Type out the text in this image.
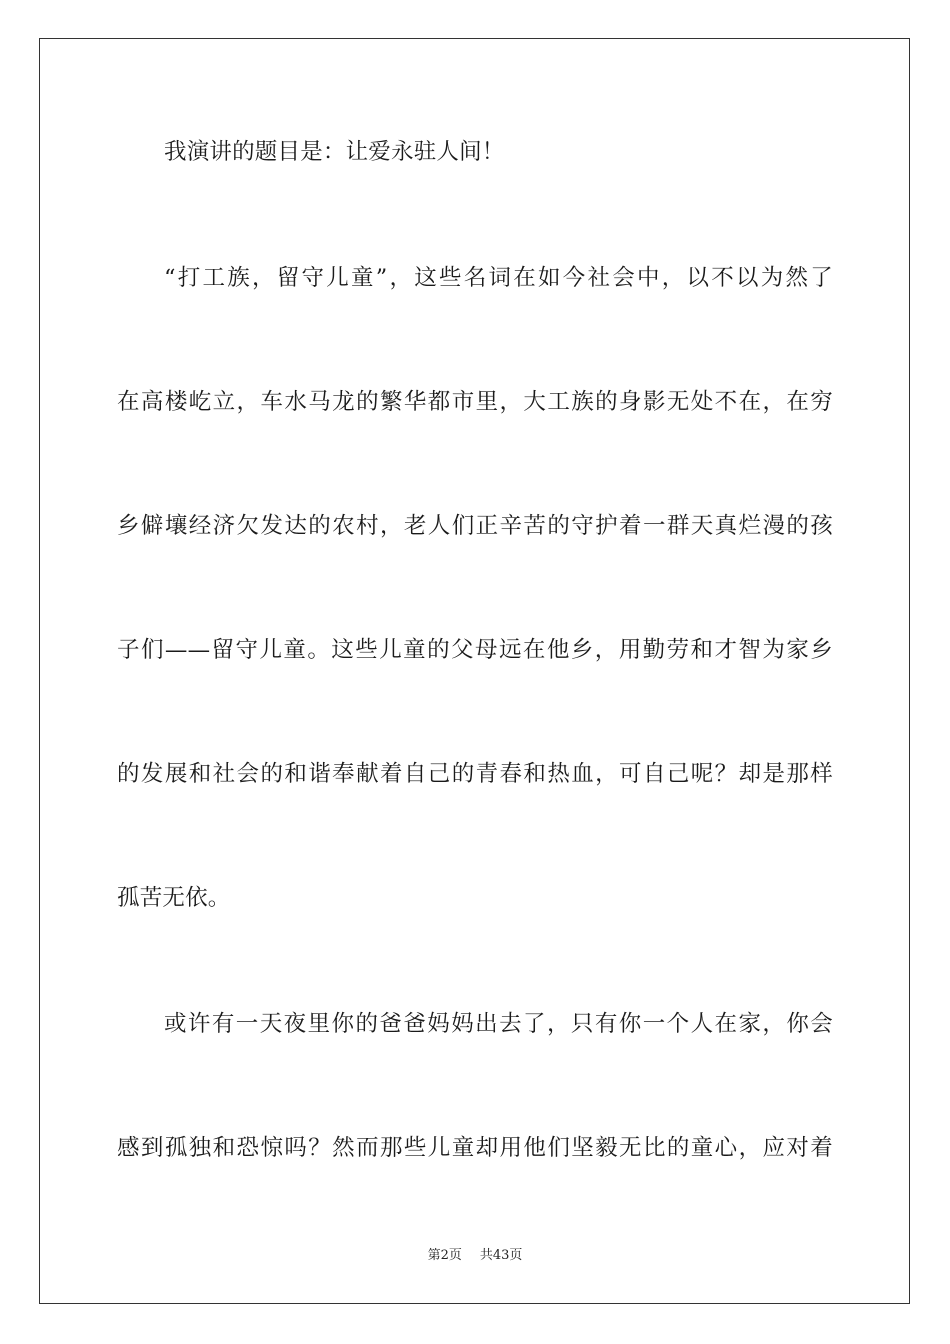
我演讲的题目是：让爱永驻人间！
“打工族，留守儿童”，这些名词在如今社会中，以不以为然了
在高楼屹立，车水马龙的繁华都市里，大工族的身影无处不在，在穷
乡僻壤经济欠发达的农村，老人们正辛苦的守护着一群天真烂漫的孩
子们——留守儿童。这些儿童的父母远在他乡，用勤劳和才智为家乡
的发展和社会的和谐奉献着自己的青春和热血，可自己呢？却是那样
孤苦无依。
或许有一天夜里你的爸爸妈妈出去了，只有你一个人在家，你会
感到孤独和恐惊吗？然而那些儿童却用他们坚毅无比的童心，应对着
第2页 共43页
